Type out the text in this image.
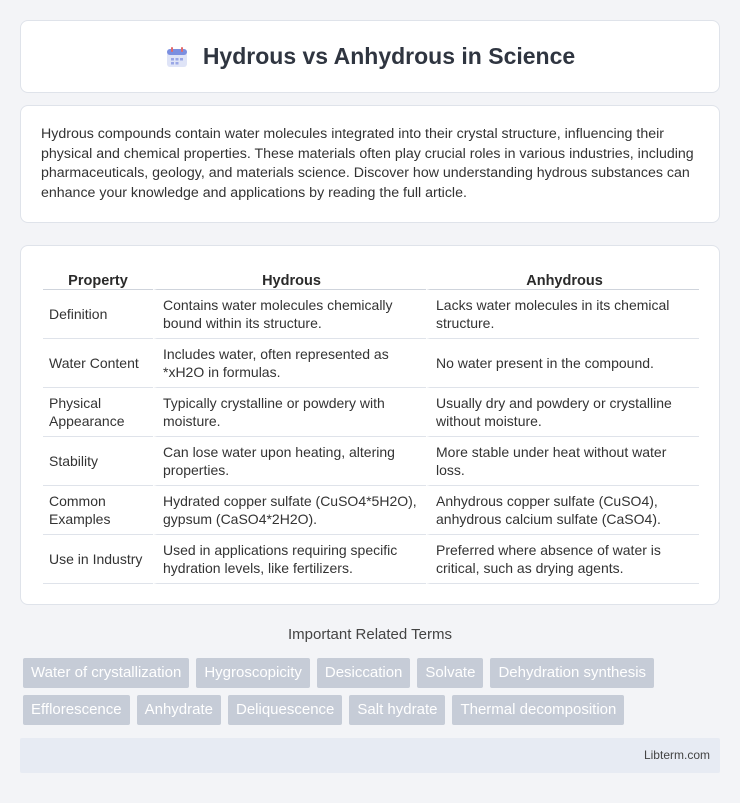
Hydrous vs Anhydrous in Science

Hydrous compounds contain water molecules integrated into their crystal structure, influencing their physical and chemical properties. These materials often play crucial roles in various industries, including pharmaceuticals, geology, and materials science. Discover how understanding hydrous substances can enhance your knowledge and applications by reading the full article.

Property	Hydrous	Anhydrous
Definition	Contains water molecules chemically bound within its structure.	Lacks water molecules in its chemical structure.
Water Content	Includes water, often represented as *xH2O in formulas.	No water present in the compound.
Physical Appearance	Typically crystalline or powdery with moisture.	Usually dry and powdery or crystalline without moisture.
Stability	Can lose water upon heating, altering properties.	More stable under heat without water loss.
Common Examples	Hydrated copper sulfate (CuSO4*5H2O), gypsum (CaSO4*2H2O).	Anhydrous copper sulfate (CuSO4), anhydrous calcium sulfate (CaSO4).
Use in Industry	Used in applications requiring specific hydration levels, like fertilizers.	Preferred where absence of water is critical, such as drying agents.
Important Related Terms
Water of crystallization	Hygroscopicity	Desiccation	Solvate	Dehydration synthesis
Efflorescence	Anhydrate	Deliquescence	Salt hydrate	Thermal decomposition
Libterm.com
